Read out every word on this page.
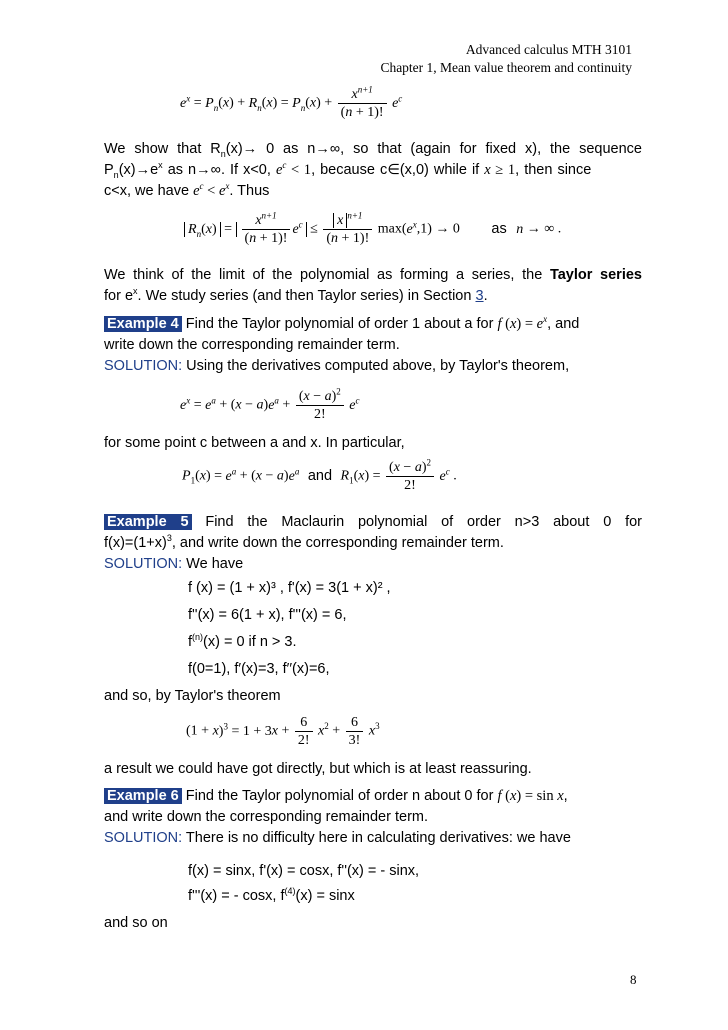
Advanced calculus MTH 3101
Chapter 1, Mean value theorem and continuity
$e^x = P_n(x) + R_n(x) = P_n(x) + \frac{x^{n+1}}{(n + 1)!} e^c$
We show that $R_n(x)\to 0$ as n→∞, so that (again for fixed x), the sequence
$P_n(x)\to e^x$ as n→∞. If x<0, $e^c < 1$, because c∈(x,0) while if x ≥ 1, then since
c<x, we have $e^c < e^x$. Thus
$R_n(x) = \frac{x^{n+1}}{(n + 1)!} e^c \le \frac{x ^{n+1}}{(n + 1)!} \max(e^x,1) \to 0$ as n → ∞ .
We think of the limit of the polynomial as forming a series, the Taylor series
for $e^x$. We study series (and then Taylor series) in Section 3.
Example 4 Find the Taylor polynomial of order 1 about a for f $(x) = e^x$, and
write down the corresponding remainder term.
SOLUTION: Using the derivatives computed above, by Taylor's theorem,
$e^x = e^a + (x - a)e^a + \frac{(x - a)^2}{2!} e^c$
for some point c between a and x. In particular,
$P_1(x) = e^a + (x - a)e^a$ and $R_1(x) = \frac{(x - a)^2}{2!} e^c$ .
Example 5 Find the Maclaurin polynomial of order n>3 about 0 for
$f(x)=(1+x)^3$, and write down the corresponding remainder term.
SOLUTION: We have
f (x) = (1 + x)³ , f'(x) = 3(1 + x)² ,
f''(x) = 6(1 + x), f'''(x) = 6,
$f^{(n)}(x) = 0$ if n > 3.
f(0=1), f′(x)=3, f′′(x)=6,
and so, by Taylor's theorem
$(1 + x)^3 = 1 + 3x + \frac{6}{2!} x^2 + \frac{6}{3!} x^3$
a result we could have got directly, but which is at least reassuring.
Example 6 Find the Taylor polynomial of order n about 0 for f (x) = sin x,
and write down the corresponding remainder term.
SOLUTION: There is no difficulty here in calculating derivatives: we have
f(x) = sinx, f'(x) = cosx, f''(x) = - sinx,
f'''(x) = - cosx, $f^{(4)}(x) = \sin x$
and so on
8
